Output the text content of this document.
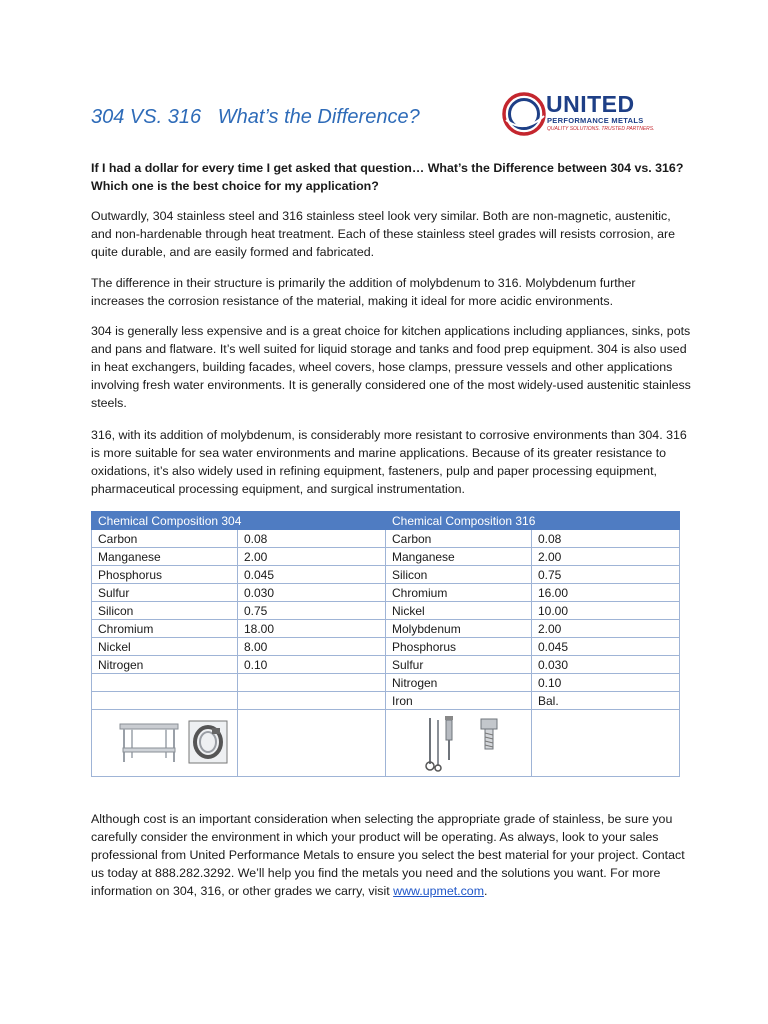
304 VS. 316   What’s the Difference?	UNITED
PERFORMANCE METALS
QUALITY SOLUTIONS. TRUSTED PARTNERS.

If I had a dollar for every time I get asked that question… What’s the Difference between 304 vs. 316? Which one is the best choice for my application?

Outwardly, 304 stainless steel and 316 stainless steel look very similar. Both are non-magnetic, austenitic, and non-hardenable through heat treatment. Each of these stainless steel grades will resists corrosion, are quite durable, and are easily formed and fabricated.

The difference in their structure is primarily the addition of molybdenum to 316. Molybdenum further increases the corrosion resistance of the material, making it ideal for more acidic environments.

304 is generally less expensive and is a great choice for kitchen applications including appliances, sinks, pots and pans and flatware. It’s well suited for liquid storage and tanks and food prep equipment. 304 is also used in heat exchangers, building facades, wheel covers, hose clamps, pressure vessels and other applications involving fresh water environments. It is generally considered one of the most widely-used austenitic stainless steels.

316, with its addition of molybdenum, is considerably more resistant to corrosive environments than 304. 316 is more suitable for sea water environments and marine applications. Because of its greater resistance to oxidations, it’s also widely used in refining equipment, fasteners, pulp and paper processing equipment, pharmaceutical processing equipment, and surgical instrumentation.

Chemical Composition 304		Chemical Composition 316	
Carbon	0.08	Carbon	0.08
Manganese	2.00	Manganese	2.00
Phosphorus	0.045	Silicon	0.75
Sulfur	0.030	Chromium	16.00
Silicon	0.75	Nickel	10.00
Chromium	18.00	Molybdenum	2.00
Nickel	8.00	Phosphorus	0.045
Nitrogen	0.10	Sulfur	0.030
		Nitrogen	0.10
		Iron	Bal.

Although cost is an important consideration when selecting the appropriate grade of stainless, be sure you carefully consider the environment in which your product will be operating. As always, look to your sales professional from United Performance Metals to ensure you select the best material for your project. Contact us today at 888.282.3292. We’ll help you find the metals you need and the solutions you want. For more information on 304, 316, or other grades we carry, visit www.upmet.com.
